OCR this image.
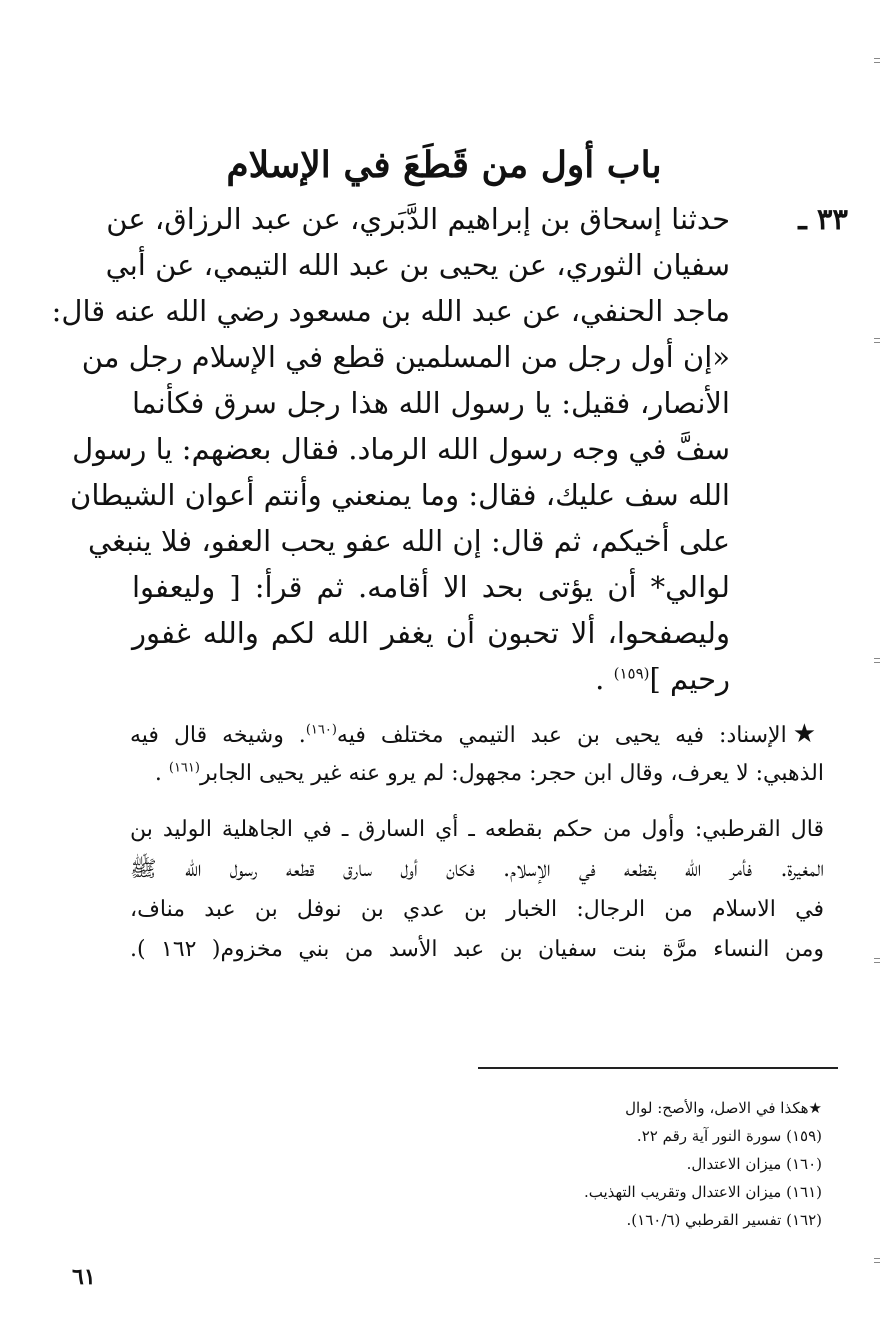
باب أول من قَطَعَ في الإسلام
٣٣ ـ
حدثنا إسحاق بن إبراهيم الدَّبَري، عن عبد الرزاق، عن
سفيان الثوري، عن يحيى بن عبد الله التيمي، عن أبي
ماجد الحنفي، عن عبد الله بن مسعود رضي الله عنه قال:
«إن أول رجل من المسلمين قطع في الإسلام رجل من
الأنصار، فقيل: يا رسول الله هذا رجل سرق فكأنما
سفَّ في وجه رسول الله الرماد. فقال بعضهم: يا رسول
الله سف عليك، فقال: وما يمنعني وأنتم أعوان الشيطان
على أخيكم، ثم قال: إن الله عفو يحب العفو، فلا ينبغي
لوالي* أن يؤتى بحد الا أقامه. ثم قرأ: [ وليعفوا
وليصفحوا، ألا تحبون أن يغفر الله لكم والله غفور
رحيم ]$^{(١٥٩)}$ .
★الإسناد: فيه يحيى بن عبد التيمي مختلف فيه$^{(١٦٠)}$. وشيخه قال فيه
الذهبي: لا يعرف، وقال ابن حجر: مجهول: لم يرو عنه غير يحيى الجابر$^{(١٦١)}$ .
قال القرطبي: وأول من حكم بقطعه ـ أي السارق ـ في الجاهلية الوليد بن
المغيرة. فأمر الله بقطعه في الإسلام. فكان أول سارق قطعه رسول الله ﷺ
في الاسلام من الرجال: الخبار بن عدي بن نوفل بن عبد مناف،
ومن النساء مرَّة بنت سفيان بن عبد الأسد من بني مخزوم( ١٦٢ ).
★هكذا في الاصل، والأصح: لوال
(١٥٩) سورة النور آية رقم ٢٢.
(١٦٠) ميزان الاعتدال.
(١٦١) ميزان الاعتدال وتقريب التهذيب.
(١٦٢) تفسير القرطبي (١٦٠/٦).
٦١
